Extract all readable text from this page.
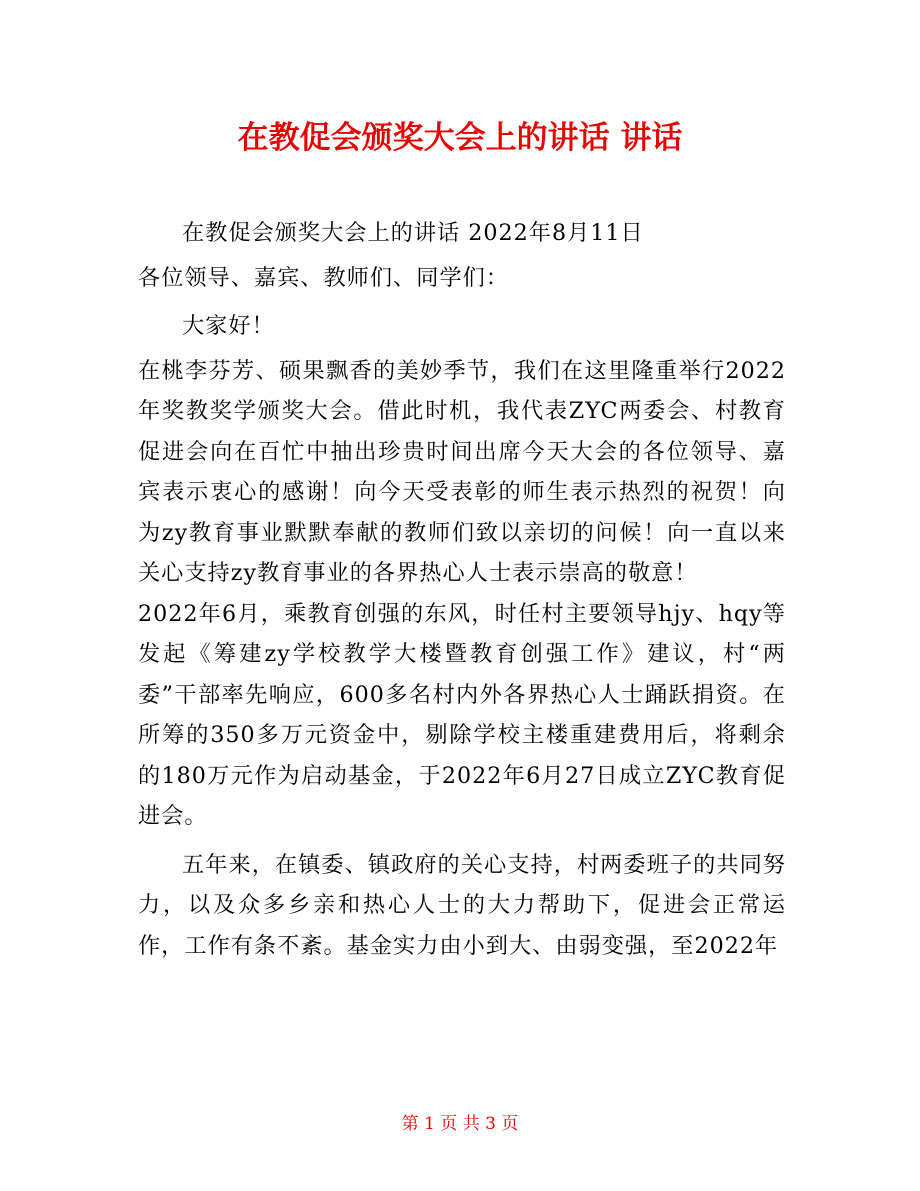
在教促会颁奖大会上的讲话 讲话

在教促会颁奖大会上的讲话 2022年8月11日

各位领导、嘉宾、教师们、同学们：

大家好！

在桃李芬芳、硕果飘香的美妙季节，我们在这里隆重举行2022年奖教奖学颁奖大会。借此时机，我代表ZYC两委会、村教育促进会向在百忙中抽出珍贵时间出席今天大会的各位领导、嘉宾表示衷心的感谢！向今天受表彰的师生表示热烈的祝贺！向为zy教育事业默默奉献的教师们致以亲切的问候！向一直以来关心支持zy教育事业的各界热心人士表示崇高的敬意！

2022年6月，乘教育创强的东风，时任村主要领导hjy、hqy等发起《筹建zy学校教学大楼暨教育创强工作》建议，村“两委”干部率先响应，600多名村内外各界热心人士踊跃捐资。在所筹的350多万元资金中，剔除学校主楼重建费用后，将剩余的180万元作为启动基金，于2022年6月27日成立ZYC教育促进会。

五年来，在镇委、镇政府的关心支持，村两委班子的共同努力，以及众多乡亲和热心人士的大力帮助下，促进会正常运作，工作有条不紊。基金实力由小到大、由弱变强，至2022年

第 1 页 共 3 页
